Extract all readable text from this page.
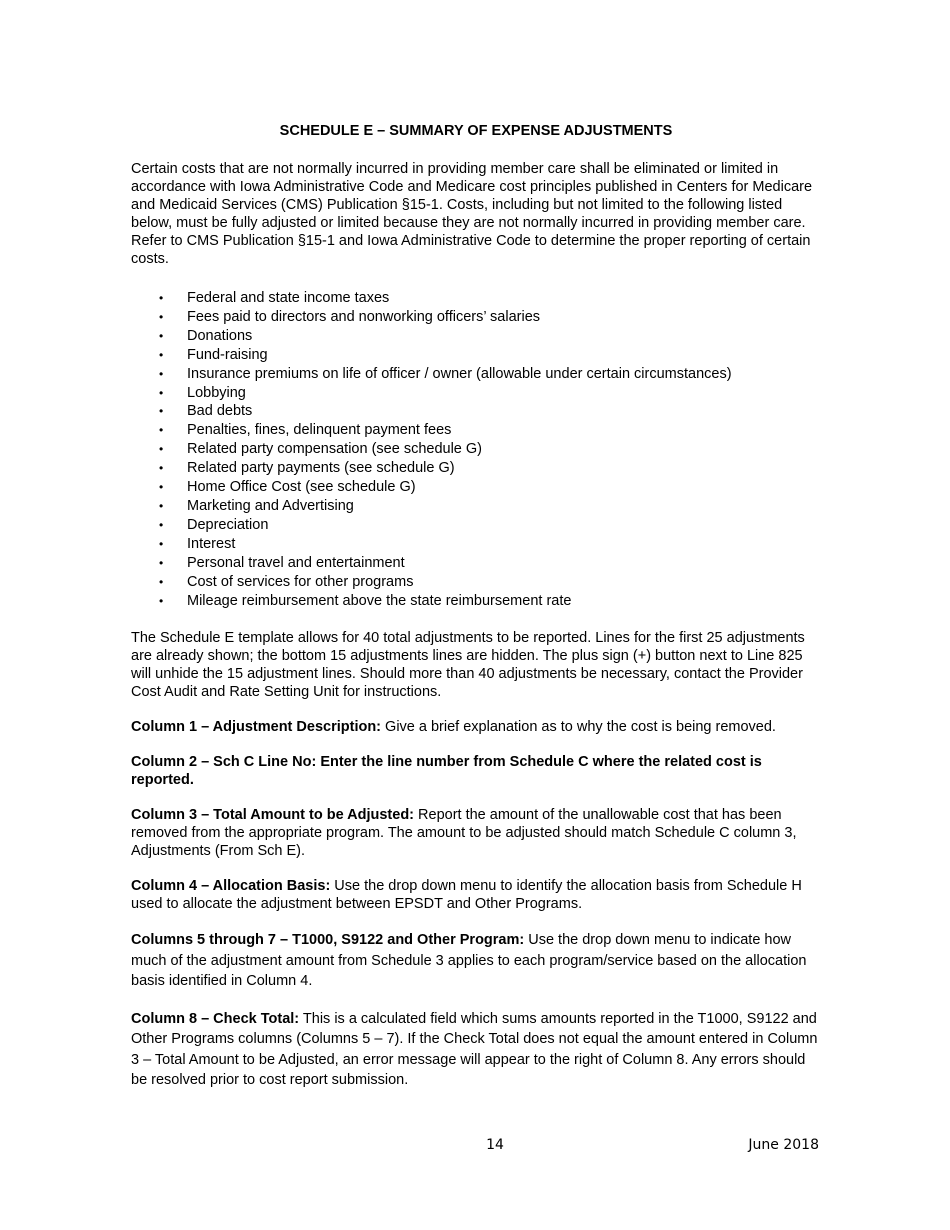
SCHEDULE E – SUMMARY OF EXPENSE ADJUSTMENTS

Certain costs that are not normally incurred in providing member care shall be eliminated or limited in accordance with Iowa Administrative Code and Medicare cost principles published in Centers for Medicare and Medicaid Services (CMS) Publication §15-1. Costs, including but not limited to the following listed below, must be fully adjusted or limited because they are not normally incurred in providing member care. Refer to CMS Publication §15-1 and Iowa Administrative Code to determine the proper reporting of certain costs.

• Federal and state income taxes
• Fees paid to directors and nonworking officers’ salaries
• Donations
• Fund-raising
• Insurance premiums on life of officer / owner (allowable under certain circumstances)
• Lobbying
• Bad debts
• Penalties, fines, delinquent payment fees
• Related party compensation (see schedule G)
• Related party payments (see schedule G)
• Home Office Cost (see schedule G)
• Marketing and Advertising
• Depreciation
• Interest
• Personal travel and entertainment
• Cost of services for other programs
• Mileage reimbursement above the state reimbursement rate

The Schedule E template allows for 40 total adjustments to be reported. Lines for the first 25 adjustments are already shown; the bottom 15 adjustments lines are hidden. The plus sign (+) button next to Line 825 will unhide the 15 adjustment lines. Should more than 40 adjustments be necessary, contact the Provider Cost Audit and Rate Setting Unit for instructions.

Column 1 – Adjustment Description: Give a brief explanation as to why the cost is being removed.

Column 2 – Sch C Line No: Enter the line number from Schedule C where the related cost is reported.

Column 3 – Total Amount to be Adjusted: Report the amount of the unallowable cost that has been removed from the appropriate program. The amount to be adjusted should match Schedule C column 3, Adjustments (From Sch E).

Column 4 – Allocation Basis: Use the drop down menu to identify the allocation basis from Schedule H used to allocate the adjustment between EPSDT and Other Programs.

Columns 5 through 7 – T1000, S9122 and Other Program: Use the drop down menu to indicate how much of the adjustment amount from Schedule 3 applies to each program/service based on the allocation basis identified in Column 4.

Column 8 – Check Total: This is a calculated field which sums amounts reported in the T1000, S9122 and Other Programs columns (Columns 5 – 7). If the Check Total does not equal the amount entered in Column 3 – Total Amount to be Adjusted, an error message will appear to the right of Column 8. Any errors should be resolved prior to cost report submission.

14	June 2018
